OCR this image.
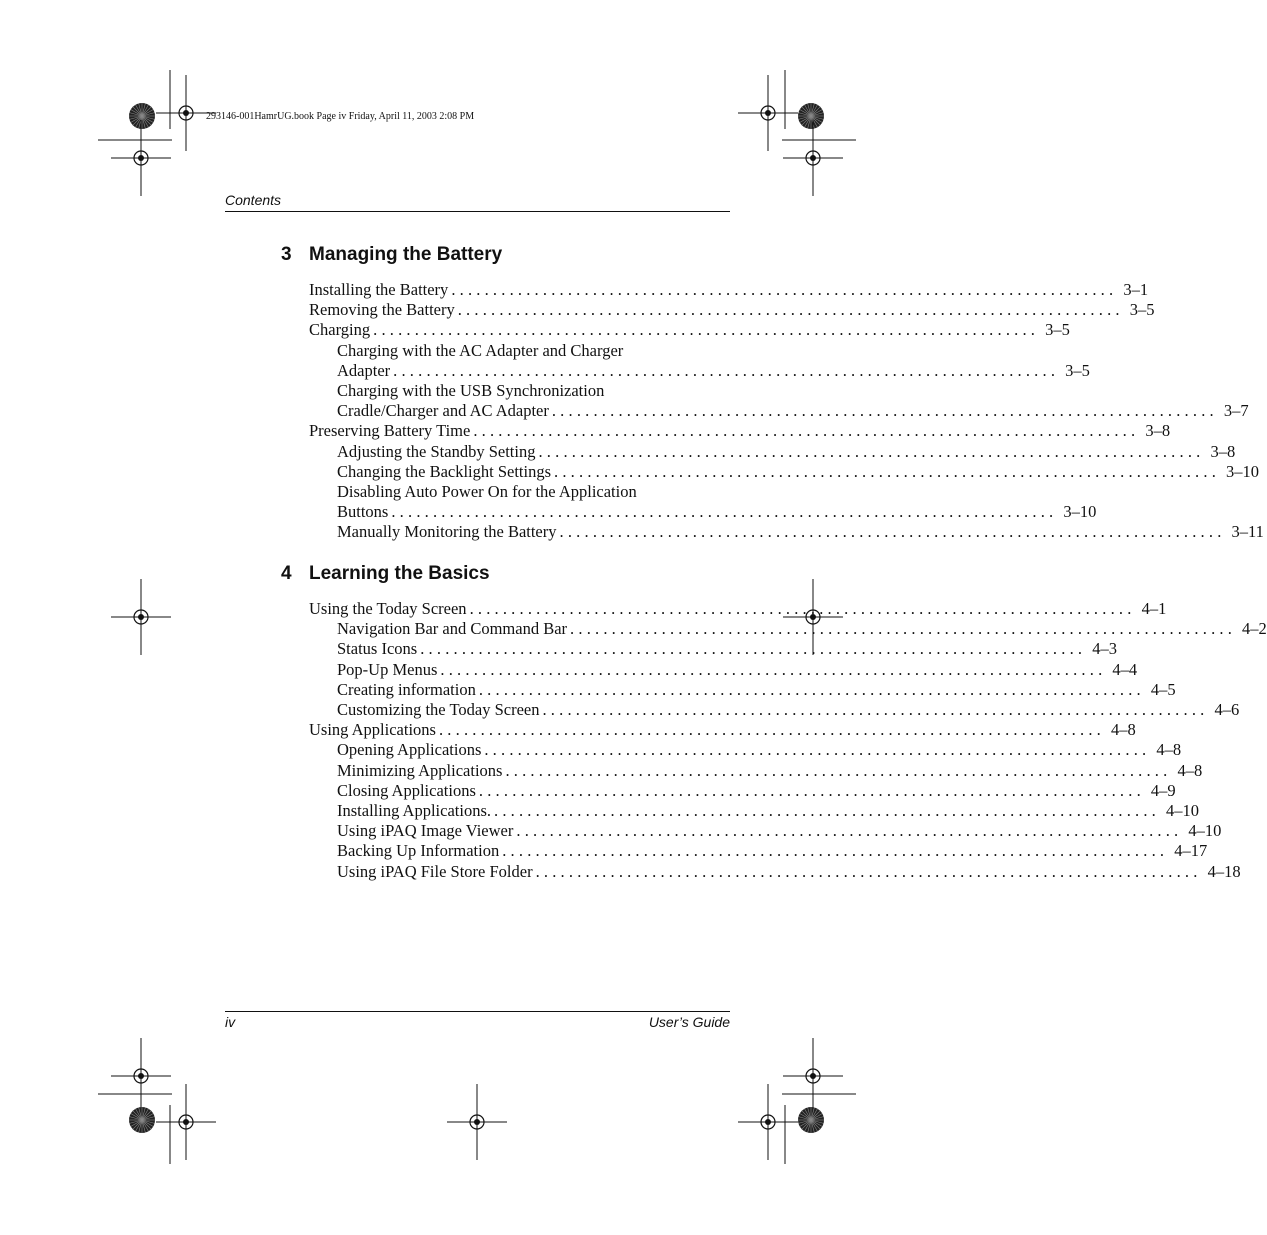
293146-001HamrUG.book Page iv Friday, April 11, 2003 2:08 PM
Contents
3 Managing the Battery
Installing the Battery ................................................................................ 3–1
Removing the Battery ................................................................................ 3–5
Charging ................................................................................ 3–5
Charging with the AC Adapter and Charger
Adapter ................................................................................ 3–5
Charging with the USB Synchronization
Cradle/Charger and AC Adapter ................................................................................ 3–7
Preserving Battery Time ................................................................................ 3–8
Adjusting the Standby Setting ................................................................................ 3–8
Changing the Backlight Settings ................................................................................ 3–10
Disabling Auto Power On for the Application
Buttons ................................................................................ 3–10
Manually Monitoring the Battery ................................................................................ 3–11
4 Learning the Basics
Using the Today Screen ................................................................................ 4–1
Navigation Bar and Command Bar ................................................................................ 4–2
Status Icons ................................................................................ 4–3
Pop-Up Menus ................................................................................ 4–4
Creating information ................................................................................ 4–5
Customizing the Today Screen ................................................................................ 4–6
Using Applications ................................................................................ 4–8
Opening Applications ................................................................................ 4–8
Minimizing Applications ................................................................................ 4–8
Closing Applications ................................................................................ 4–9
Installing Applications. ................................................................................ 4–10
Using iPAQ Image Viewer ................................................................................ 4–10
Backing Up Information ................................................................................ 4–17
Using iPAQ File Store Folder ................................................................................ 4–18
iv	User’s Guide
